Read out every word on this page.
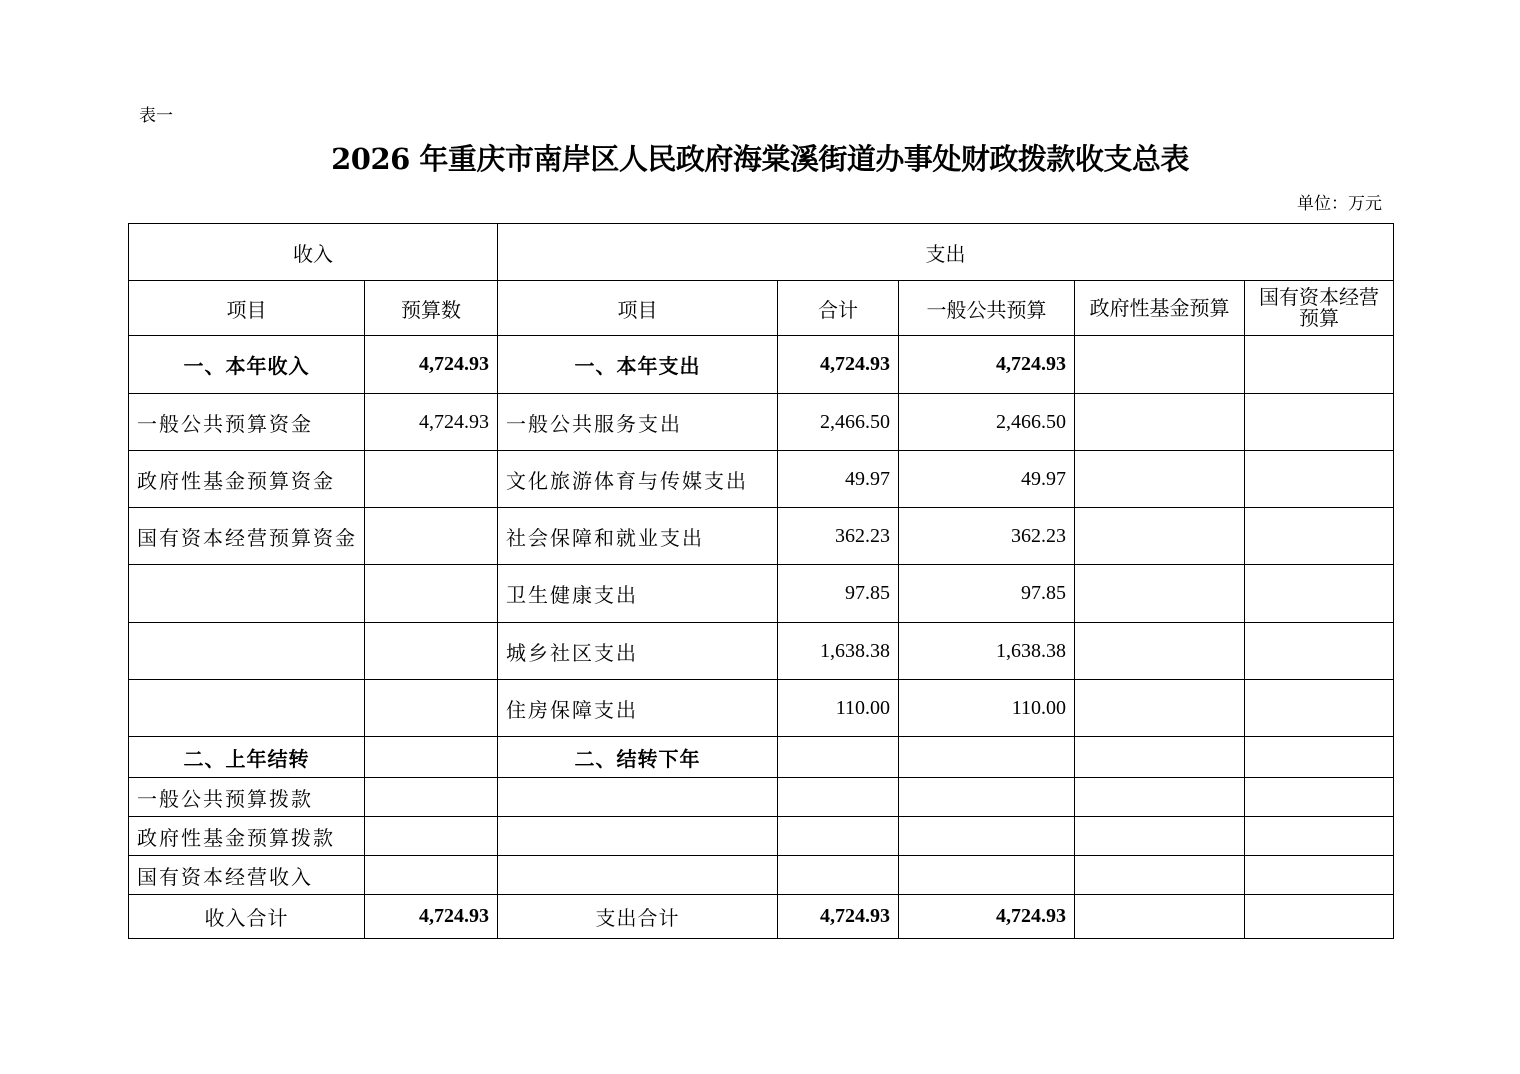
表一
2026 年重庆市南岸区人民政府海棠溪街道办事处财政拨款收支总表
单位：万元
收入		支出				
项目	预算数	项目	合计	一般公共预算	政府性基金预算	国有资本经营预算
一、本年收入	4,724.93	一、本年支出	4,724.93	4,724.93		
一般公共预算资金	4,724.93	一般公共服务支出	2,466.50	2,466.50		
政府性基金预算资金		文化旅游体育与传媒支出	49.97	49.97		
国有资本经营预算资金		社会保障和就业支出	362.23	362.23		
		卫生健康支出	97.85	97.85		
		城乡社区支出	1,638.38	1,638.38		
		住房保障支出	110.00	110.00		
二、上年结转		二、结转下年				
一般公共预算拨款						
政府性基金预算拨款						
国有资本经营收入						
收入合计	4,724.93	支出合计	4,724.93	4,724.93		
